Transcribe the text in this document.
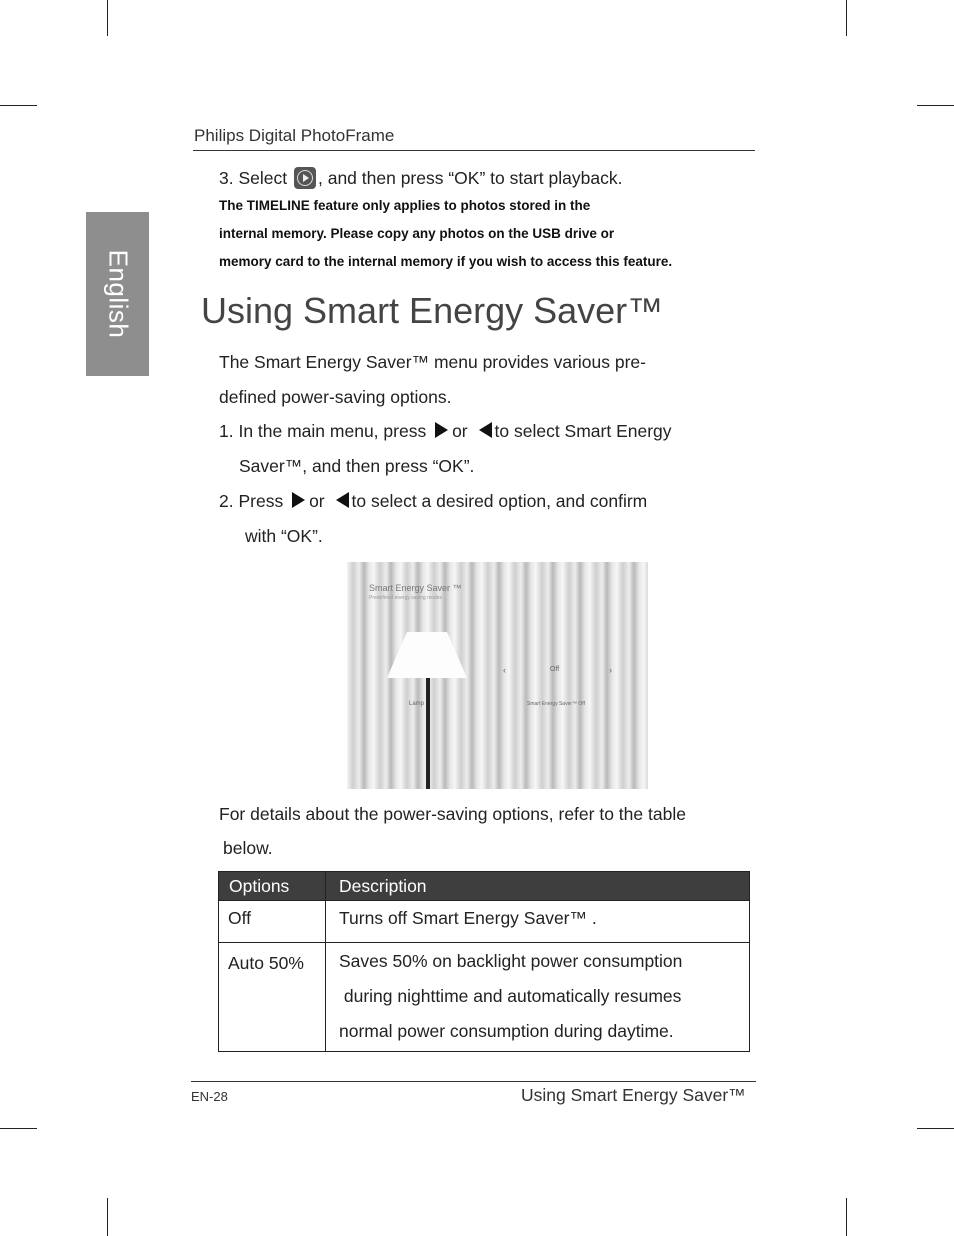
English
Philips Digital PhotoFrame
3. Select , and then press “OK” to start playback.
The TIMELINE feature only applies to photos stored in the
internal memory. Please copy any photos on the USB drive or
memory card to the internal memory if you wish to access this feature.
Using Smart Energy Saver™
The Smart Energy Saver™ menu provides various pre-
defined power-saving options.
1. In the main menu, press or to select Smart Energy
Saver™, and then press “OK”.
2. Press or to select a desired option, and confirm
with “OK”.
Smart Energy Saver ™
Predefined energy saving modes
‹	Off	›
Lamp	Smart Energy Saver™ Off
For details about the power-saving options, refer to the table
below.
Options	Description

Off	Turns off Smart Energy Saver™ .

Auto 50%	Saves 50% on backlight power consumption
during nighttime and automatically resumes
normal power consumption during daytime.
EN-28	Using Smart Energy Saver™
